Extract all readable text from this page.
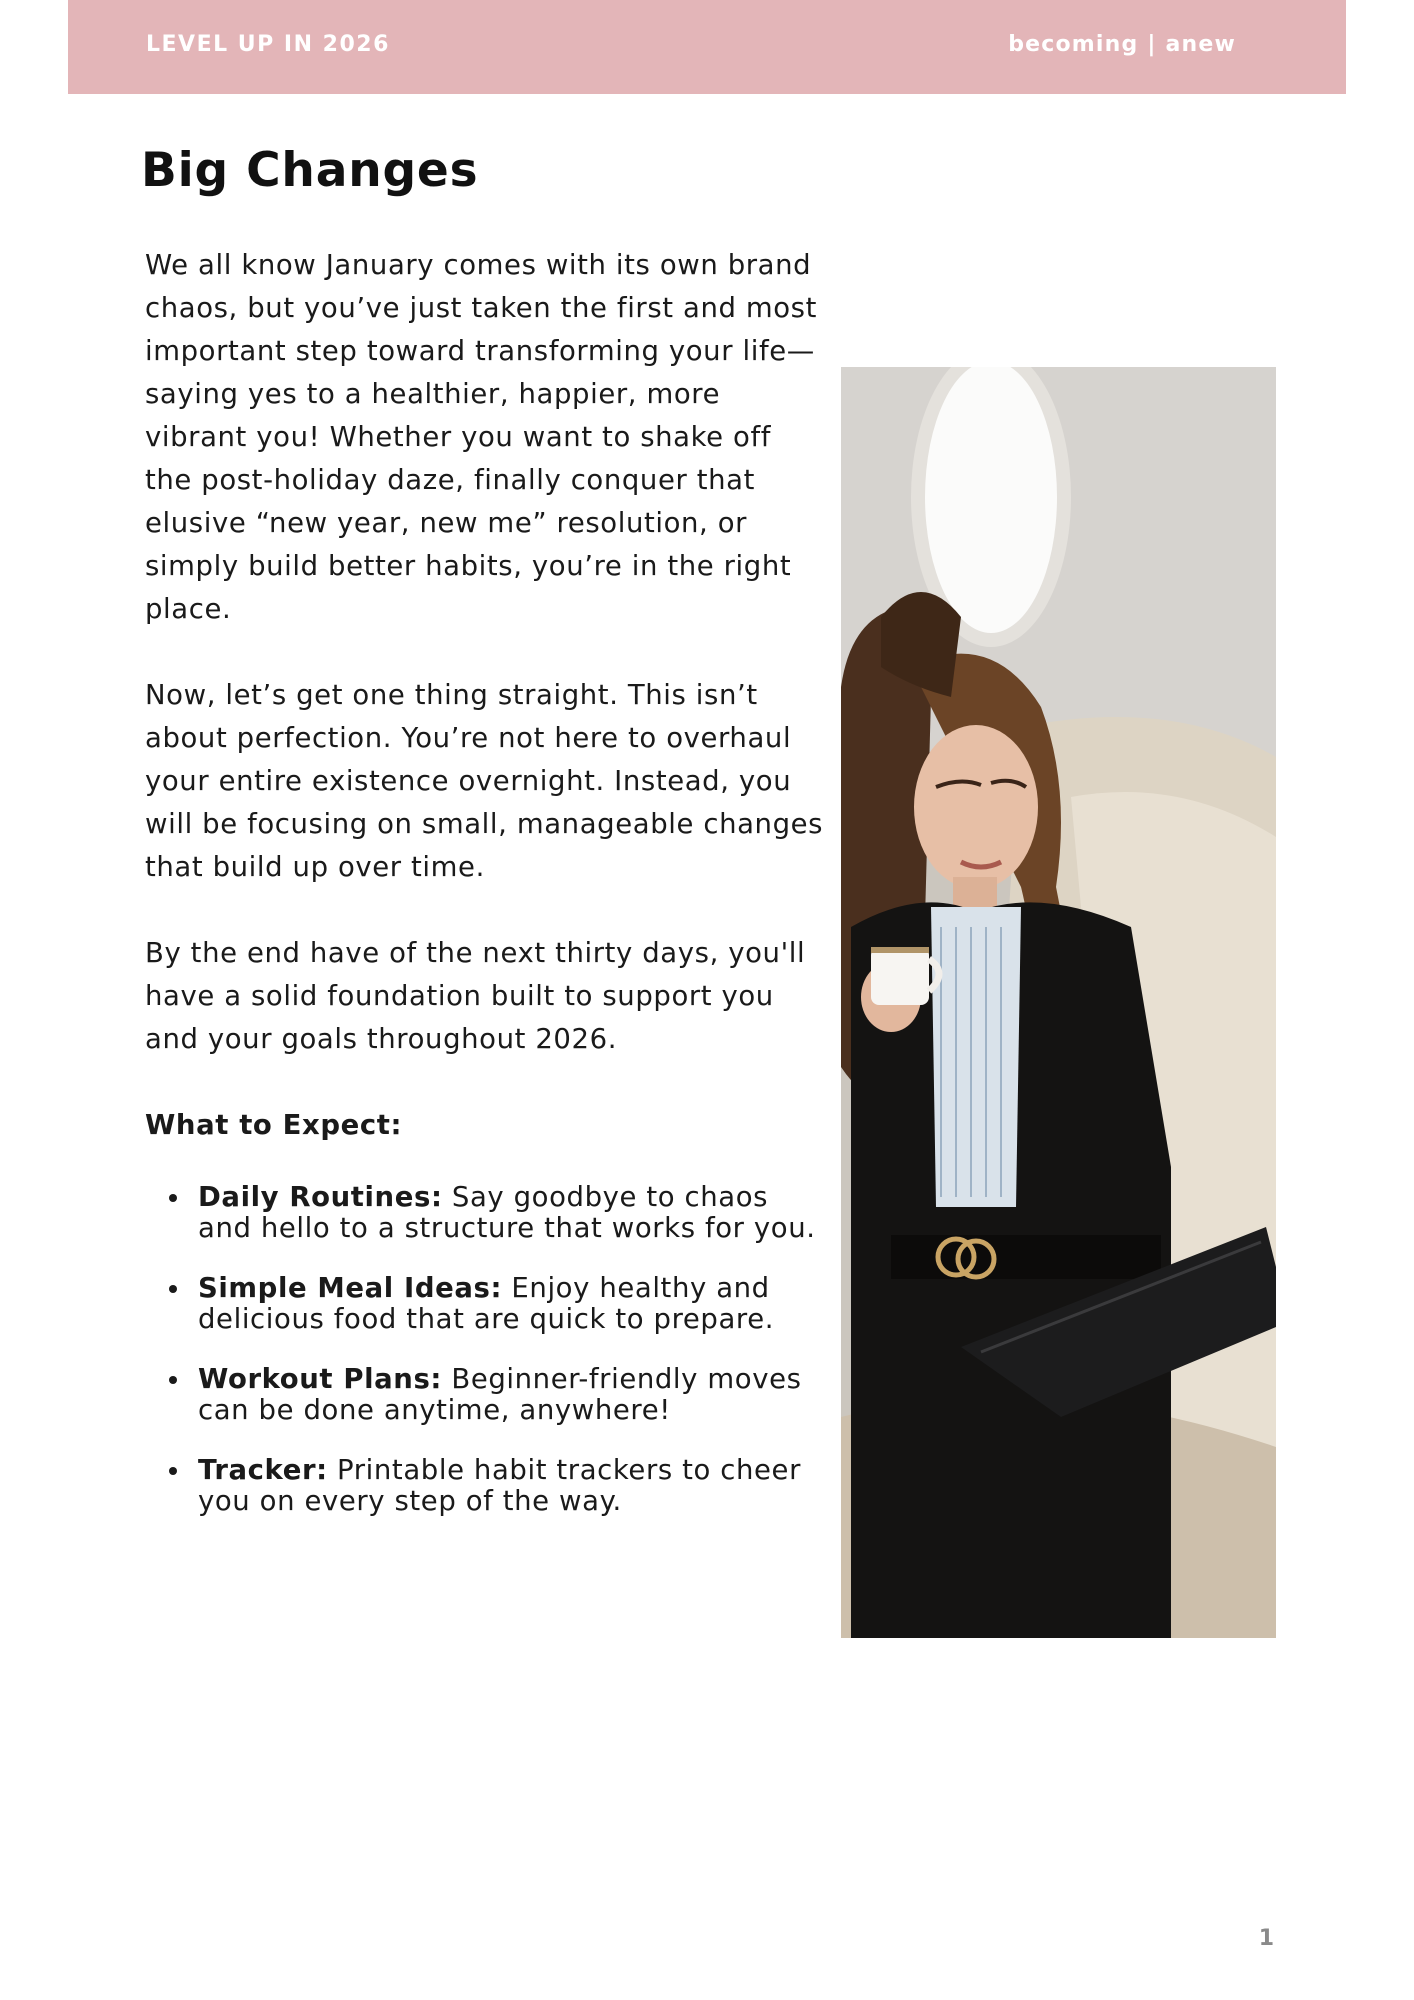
LEVEL UP IN 2026	becoming | anew
Big Changes

We all know January comes with its own brand chaos, but you’ve just taken the first and most important step toward transforming your life—saying yes to a healthier, happier, more vibrant you! Whether you want to shake off the post-holiday daze, finally conquer that elusive “new year, new me” resolution, or simply build better habits, you’re in the right place.

Now, let’s get one thing straight. This isn’t about perfection. You’re not here to overhaul your entire existence overnight. Instead, you will be focusing on small, manageable changes that build up over time.

By the end have of the next thirty days, you'll have a solid foundation built to support you and your goals throughout 2026.

What to Expect:
Daily Routines: Say goodbye to chaos and hello to a structure that works for you.
Simple Meal Ideas: Enjoy healthy and delicious food that are quick to prepare.
Workout Plans: Beginner-friendly moves can be done anytime, anywhere!
Tracker: Printable habit trackers to cheer you on every step of the way.
1
